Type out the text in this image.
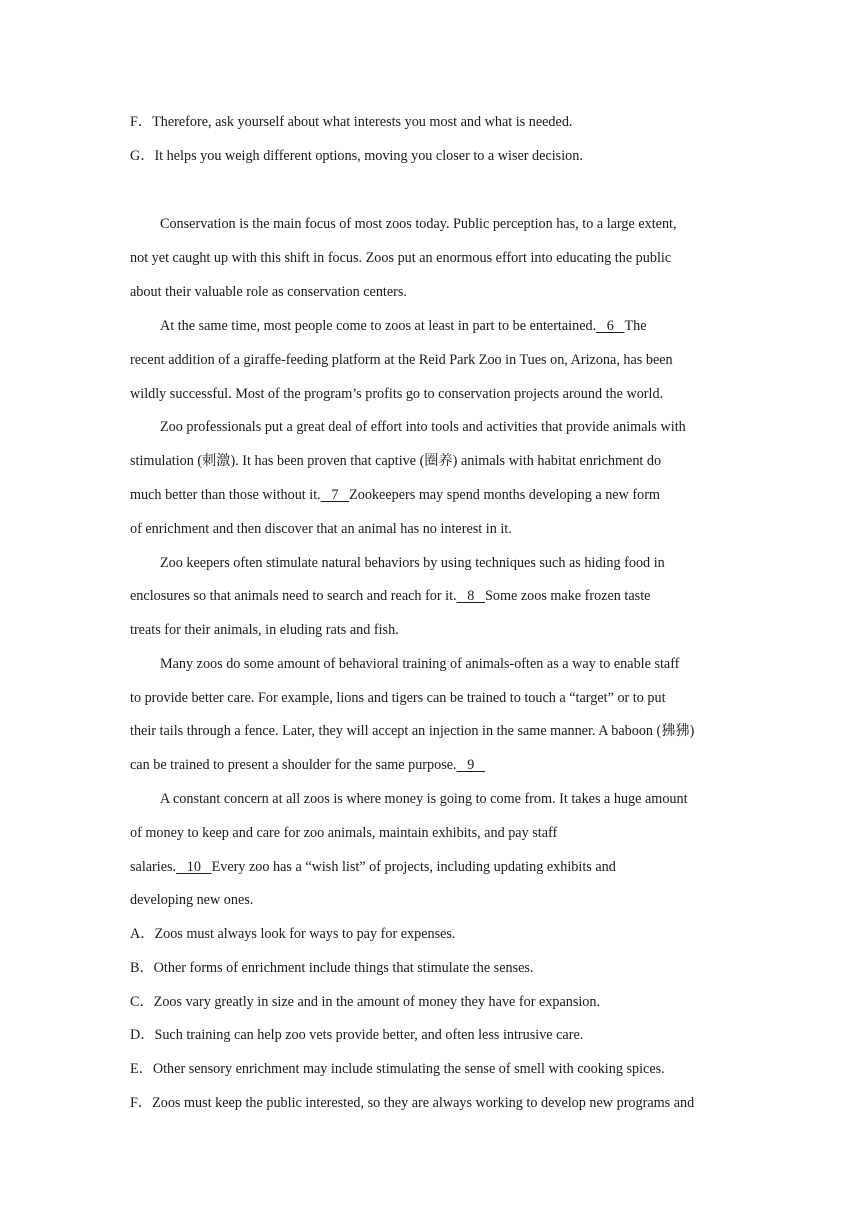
F．Therefore, ask yourself about what interests you most and what is needed.
G．It helps you weigh different options, moving you closer to a wiser decision.
Conservation is the main focus of most zoos today. Public perception has, to a large extent,
not yet caught up with this shift in focus. Zoos put an enormous effort into educating the public
about their valuable role as conservation centers.
At the same time, most people come to zoos at least in part to be entertained.   6   The
recent addition of a giraffe-feeding platform at the Reid Park Zoo in Tues on, Arizona, has been
wildly successful. Most of the program’s profits go to conservation projects around the world.
Zoo professionals put a great deal of effort into tools and activities that provide animals with
stimulation (刺激). It has been proven that captive (圈养) animals with habitat enrichment do
much better than those without it.   7   Zookeepers may spend months developing a new form
of enrichment and then discover that an animal has no interest in it.
Zoo keepers often stimulate natural behaviors by using techniques such as hiding food in
enclosures so that animals need to search and reach for it.   8   Some zoos make frozen taste
treats for their animals, in eluding rats and fish.
Many zoos do some amount of behavioral training of animals-often as a way to enable staff
to provide better care. For example, lions and tigers can be trained to touch a “target” or to put
their tails through a fence. Later, they will accept an injection in the same manner. A baboon (狒狒)
can be trained to present a shoulder for the same purpose.   9
A constant concern at all zoos is where money is going to come from. It takes a huge amount
of money to keep and care for zoo animals, maintain exhibits, and pay staff
salaries.   10   Every zoo has a “wish list” of projects, including updating exhibits and
developing new ones.
A．Zoos must always look for ways to pay for expenses.
B．Other forms of enrichment include things that stimulate the senses.
C．Zoos vary greatly in size and in the amount of money they have for expansion.
D．Such training can help zoo vets provide better, and often less intrusive care.
E．Other sensory enrichment may include stimulating the sense of smell with cooking spices.
F．Zoos must keep the public interested, so they are always working to develop new programs and
